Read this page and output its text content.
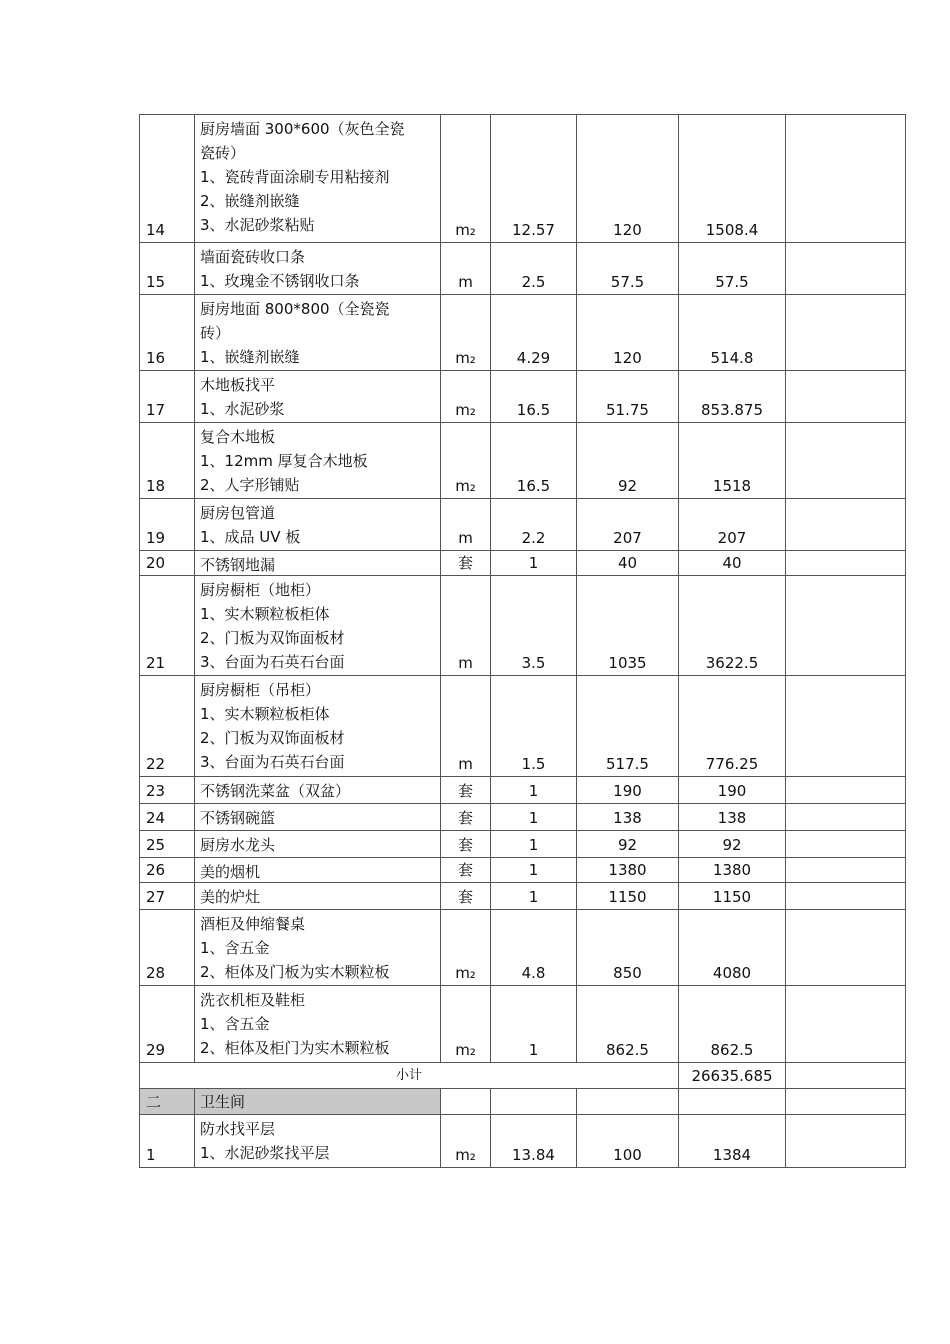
14	厨房墙面 300*600（灰色全瓷
瓷砖）
1、瓷砖背面涂刷专用粘接剂
2、嵌缝剂嵌缝
3、水泥砂浆粘贴	m₂	12.57	120	1508.4	
15	墙面瓷砖收口条
1、玫瑰金不锈钢收口条	m	2.5	57.5	57.5	
16	厨房地面 800*800（全瓷瓷
砖）
1、嵌缝剂嵌缝	m₂	4.29	120	514.8	
17	木地板找平
1、水泥砂浆	m₂	16.5	51.75	853.875	
18	复合木地板
1、12mm 厚复合木地板
2、人字形铺贴	m₂	16.5	92	1518	
19	厨房包管道
1、成品 UV 板	m	2.2	207	207	
20	不锈钢地漏	套	1	40	40	
21	厨房橱柜（地柜）
1、实木颗粒板柜体
2、门板为双饰面板材
3、台面为石英石台面	m	3.5	1035	3622.5	
22	厨房橱柜（吊柜）
1、实木颗粒板柜体
2、门板为双饰面板材
3、台面为石英石台面	m	1.5	517.5	776.25	
23	不锈钢洗菜盆（双盆）	套	1	190	190	
24	不锈钢碗篮	套	1	138	138	
25	厨房水龙头	套	1	92	92	
26	美的烟机	套	1	1380	1380	
27	美的炉灶	套	1	1150	1150	
28	酒柜及伸缩餐桌
1、含五金
2、柜体及门板为实木颗粒板	m₂	4.8	850	4080	
29	洗衣机柜及鞋柜
1、含五金
2、柜体及柜门为实木颗粒板	m₂	1	862.5	862.5	
小计					26635.685	
二	卫生间					
1	防水找平层
1、水泥砂浆找平层	m₂	13.84	100	1384	
